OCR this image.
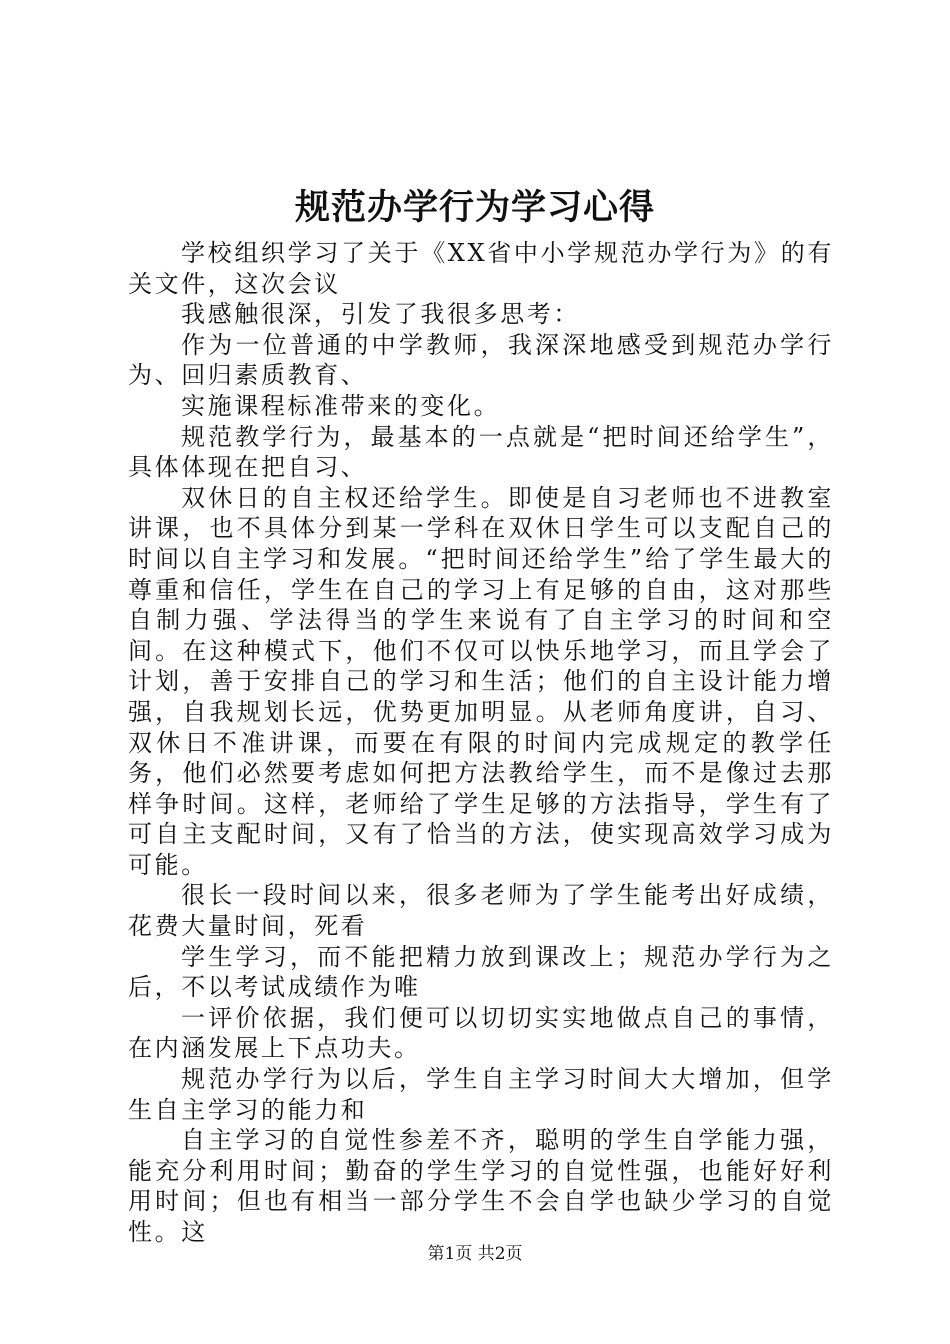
规范办学行为学习心得

学校组织学习了关于《XX省中小学规范办学行为》的有关文件，这次会议

我感触很深，引发了我很多思考：

作为一位普通的中学教师，我深深地感受到规范办学行为、回归素质教育、

实施课程标准带来的变化。

规范教学行为，最基本的一点就是“把时间还给学生”，具体体现在把自习、

双休日的自主权还给学生。即使是自习老师也不进教室讲课，也不具体分到某一学科在双休日学生可以支配自己的时间以自主学习和发展。“把时间还给学生”给了学生最大的尊重和信任，学生在自己的学习上有足够的自由，这对那些自制力强、学法得当的学生来说有了自主学习的时间和空间。在这种模式下，他们不仅可以快乐地学习，而且学会了计划，善于安排自己的学习和生活；他们的自主设计能力增强，自我规划长远，优势更加明显。从老师角度讲，自习、双休日不准讲课，而要在有限的时间内完成规定的教学任务，他们必然要考虑如何把方法教给学生，而不是像过去那样争时间。这样，老师给了学生足够的方法指导，学生有了可自主支配时间，又有了恰当的方法，使实现高效学习成为可能。

很长一段时间以来，很多老师为了学生能考出好成绩，花费大量时间，死看

学生学习，而不能把精力放到课改上；规范办学行为之后，不以考试成绩作为唯

一评价依据，我们便可以切切实实地做点自己的事情，在内涵发展上下点功夫。

规范办学行为以后，学生自主学习时间大大增加，但学生自主学习的能力和

自主学习的自觉性参差不齐，聪明的学生自学能力强，能充分利用时间；勤奋的学生学习的自觉性强，也能好好利用时间；但也有相当一部分学生不会自学也缺少学习的自觉性。这

第1页 共2页
